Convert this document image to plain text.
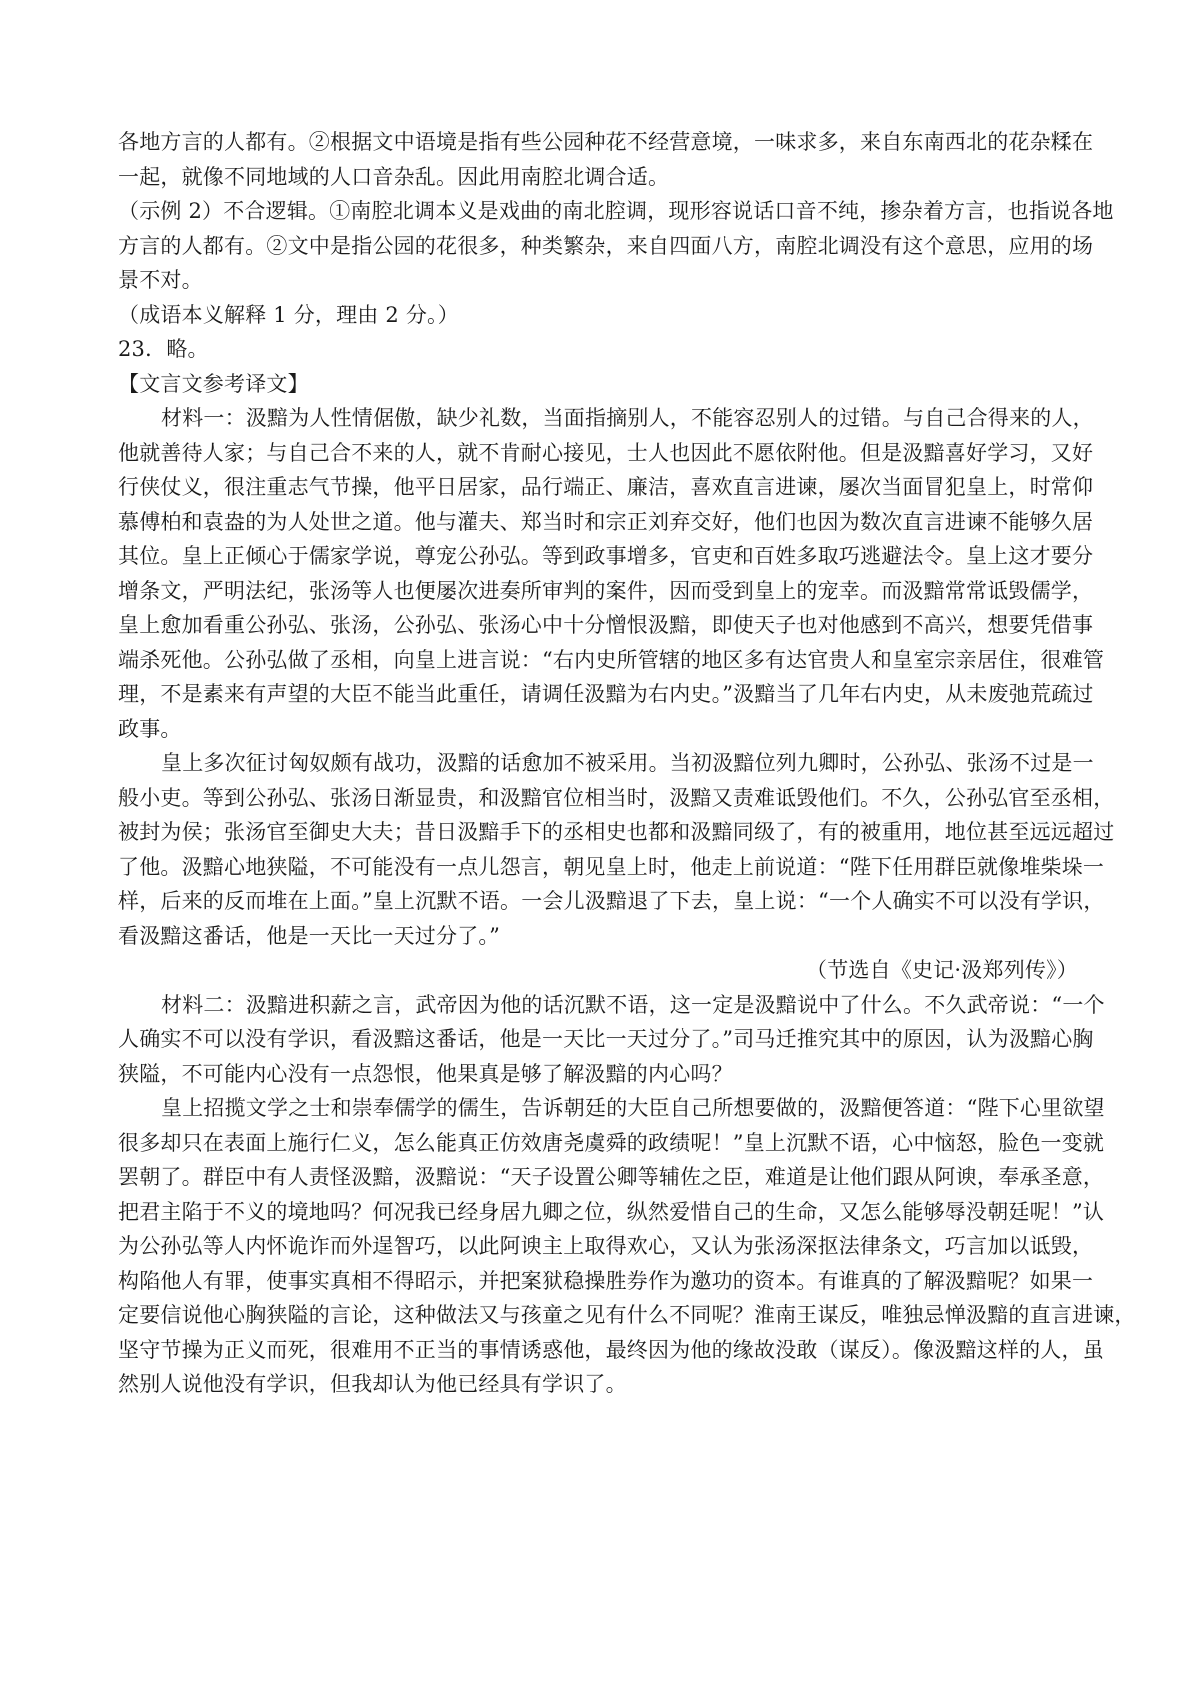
各地方言的人都有。②根据文中语境是指有些公园种花不经营意境，一味求多，来自东南西北的花杂糅在
一起，就像不同地域的人口音杂乱。因此用南腔北调合适。
（示例 2）不合逻辑。①南腔北调本义是戏曲的南北腔调，现形容说话口音不纯，掺杂着方言，也指说各地
方言的人都有。②文中是指公园的花很多，种类繁杂，来自四面八方，南腔北调没有这个意思，应用的场
景不对。
（成语本义解释 1 分，理由 2 分。）
23．略。
【文言文参考译文】
材料一：汲黯为人性情倨傲，缺少礼数，当面指摘别人，不能容忍别人的过错。与自己合得来的人，
他就善待人家；与自己合不来的人，就不肯耐心接见，士人也因此不愿依附他。但是汲黯喜好学习，又好
行侠仗义，很注重志气节操，他平日居家，品行端正、廉洁，喜欢直言进谏，屡次当面冒犯皇上，时常仰
慕傅柏和袁盎的为人处世之道。他与灌夫、郑当时和宗正刘弃交好，他们也因为数次直言进谏不能够久居
其位。皇上正倾心于儒家学说，尊宠公孙弘。等到政事增多，官吏和百姓多取巧逃避法令。皇上这才要分
增条文，严明法纪，张汤等人也便屡次进奏所审判的案件，因而受到皇上的宠幸。而汲黯常常诋毁儒学，
皇上愈加看重公孙弘、张汤，公孙弘、张汤心中十分憎恨汲黯，即使天子也对他感到不高兴，想要凭借事
端杀死他。公孙弘做了丞相，向皇上进言说：“右内史所管辖的地区多有达官贵人和皇室宗亲居住，很难管
理，不是素来有声望的大臣不能当此重任，请调任汲黯为右内史。”汲黯当了几年右内史，从未废弛荒疏过
政事。
皇上多次征讨匈奴颇有战功，汲黯的话愈加不被采用。当初汲黯位列九卿时，公孙弘、张汤不过是一
般小吏。等到公孙弘、张汤日渐显贵，和汲黯官位相当时，汲黯又责难诋毁他们。不久，公孙弘官至丞相，
被封为侯；张汤官至御史大夫；昔日汲黯手下的丞相史也都和汲黯同级了，有的被重用，地位甚至远远超过
了他。汲黯心地狭隘，不可能没有一点儿怨言，朝见皇上时，他走上前说道：“陛下任用群臣就像堆柴垛一
样，后来的反而堆在上面。”皇上沉默不语。一会儿汲黯退了下去，皇上说：“一个人确实不可以没有学识，
看汲黯这番话，他是一天比一天过分了。”
（节选自《史记·汲郑列传》）
材料二：汲黯进积薪之言，武帝因为他的话沉默不语，这一定是汲黯说中了什么。不久武帝说：“一个
人确实不可以没有学识，看汲黯这番话，他是一天比一天过分了。”司马迁推究其中的原因，认为汲黯心胸
狭隘，不可能内心没有一点怨恨，他果真是够了解汲黯的内心吗？
皇上招揽文学之士和崇奉儒学的儒生，告诉朝廷的大臣自己所想要做的，汲黯便答道：“陛下心里欲望
很多却只在表面上施行仁义，怎么能真正仿效唐尧虞舜的政绩呢！”皇上沉默不语，心中恼怒，脸色一变就
罢朝了。群臣中有人责怪汲黯，汲黯说：“天子设置公卿等辅佐之臣，难道是让他们跟从阿谀，奉承圣意，
把君主陷于不义的境地吗？何况我已经身居九卿之位，纵然爱惜自己的生命，又怎么能够辱没朝廷呢！”认
为公孙弘等人内怀诡诈而外逞智巧，以此阿谀主上取得欢心，又认为张汤深抠法律条文，巧言加以诋毁，
构陷他人有罪，使事实真相不得昭示，并把案狱稳操胜券作为邀功的资本。有谁真的了解汲黯呢？如果一
定要信说他心胸狭隘的言论，这种做法又与孩童之见有什么不同呢？淮南王谋反，唯独忌惮汲黯的直言进谏，
坚守节操为正义而死，很难用不正当的事情诱惑他，最终因为他的缘故没敢（谋反）。像汲黯这样的人，虽
然别人说他没有学识，但我却认为他已经具有学识了。
